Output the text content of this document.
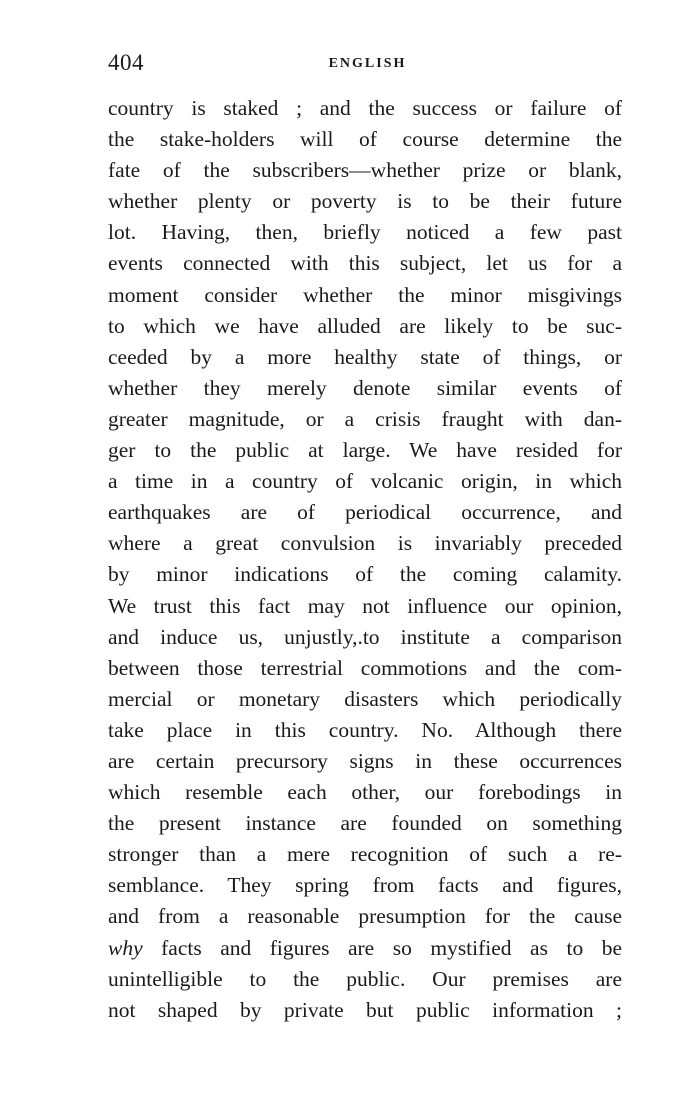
404	ENGLISH
country is staked ; and the success or failure of
the stake-holders will of course determine the
fate of the subscribers—whether prize or blank,
whether plenty or poverty is to be their future
lot. Having, then, briefly noticed a few past
events connected with this subject, let us for a
moment consider whether the minor misgivings
to which we have alluded are likely to be suc-
ceeded by a more healthy state of things, or
whether they merely denote similar events of
greater magnitude, or a crisis fraught with dan-
ger to the public at large. We have resided for
a time in a country of volcanic origin, in which
earthquakes are of periodical occurrence, and
where a great convulsion is invariably preceded
by minor indications of the coming calamity.
We trust this fact may not influence our opinion,
and induce us, unjustly,.to institute a comparison
between those terrestrial commotions and the com-
mercial or monetary disasters which periodically
take place in this country. No. Although there
are certain precursory signs in these occurrences
which resemble each other, our forebodings in
the present instance are founded on something
stronger than a mere recognition of such a re-
semblance. They spring from facts and figures,
and from a reasonable presumption for the cause
why facts and figures are so mystified as to be
unintelligible to the public. Our premises are
not shaped by private but public information ;
